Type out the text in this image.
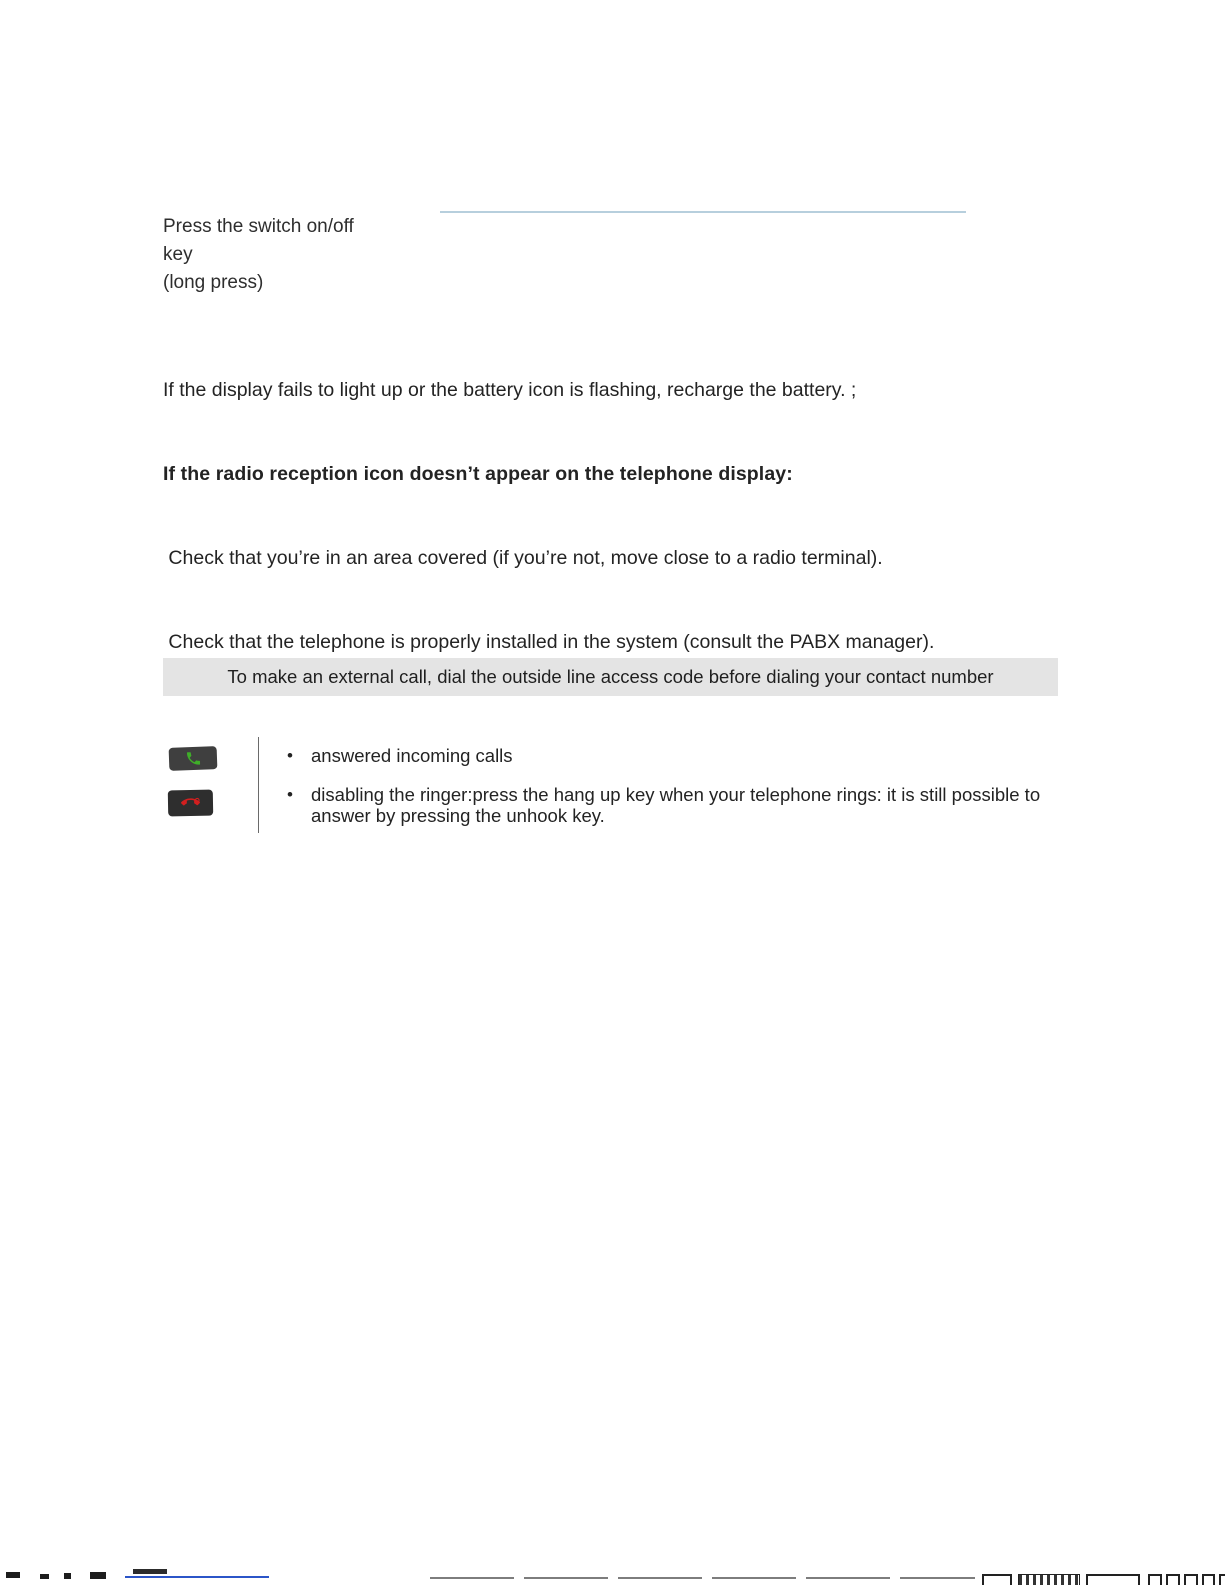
Press the switch on/off
key
(long press)

If the display fails to light up or the battery icon is flashing, recharge the battery. ;

If the radio reception icon doesn’t appear on the telephone display:

Check that you’re in an area covered (if you’re not, move close to a radio terminal).

Check that the telephone is properly installed in the system (consult the PABX manager).

To make an external call, dial the outside line access code before dialing your contact number
• answered incoming calls
• disabling the ringer:press the hang up key when your telephone rings: it is still possible to answer by pressing the unhook key.
